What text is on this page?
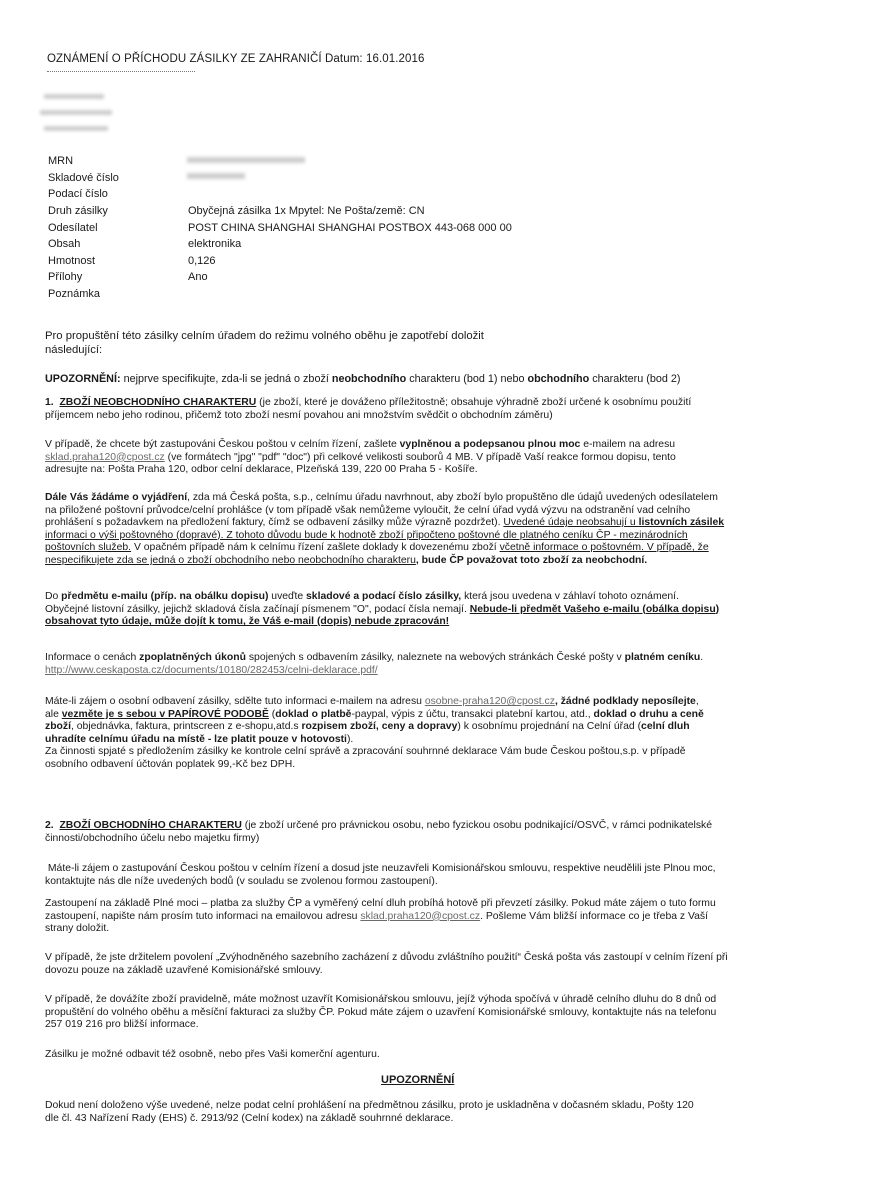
OZNÁMENÍ O PŘÍCHODU ZÁSILKY ZE ZAHRANIČÍ Datum: 16.01.2016
MRN
Skladové číslo
Podací číslo
Druh zásilky
Odesílatel
Obsah
Hmotnost
Přílohy
Poznámka
Obyčejná zásilka 1x Mpytel: Ne Pošta/země: CN
POST CHINA SHANGHAI SHANGHAI POSTBOX 443-068 000 00
elektronika
0,126
Ano

Pro propuštění této zásilky celním úřadem do režimu volného oběhu je zapotřebí doložit
následující:

UPOZORNĚNÍ: nejprve specifikujte, zda-li se jedná o zboží neobchodního charakteru (bod 1) nebo obchodního charakteru (bod 2)

1. ZBOŽÍ NEOBCHODNÍHO CHARAKTERU (je zboží, které je dováženo příležitostně; obsahuje výhradně zboží určené k osobnímu použití
příjemcem nebo jeho rodinou, přičemž toto zboží nesmí povahou ani množstvím svědčit o obchodním záměru)

V případě, že chcete být zastupováni Českou poštou v celním řízení, zašlete vyplněnou a podepsanou plnou moc e-mailem na adresu
sklad.praha120@cpost.cz (ve formátech "jpg" "pdf" "doc") při celkové velikosti souborů 4 MB. V případě Vaší reakce formou dopisu, tento
adresujte na: Pošta Praha 120, odbor celní deklarace, Plzeňská 139, 220 00 Praha 5 - Košíře.

Dále Vás žádáme o vyjádření, zda má Česká pošta, s.p., celnímu úřadu navrhnout, aby zboží bylo propuštěno dle údajů uvedených odesílatelem
na přiložené poštovní průvodce/celní prohlášce (v tom případě však nemůžeme vyloučit, že celní úřad vydá výzvu na odstranění vad celního
prohlášení s požadavkem na předložení faktury, čímž se odbavení zásilky může výrazně pozdržet). Uvedené údaje neobsahují u listovních zásilek
informaci o výši poštovného (dopravé). Z tohoto důvodu bude k hodnotě zboží připočteno poštovné dle platného ceníku ČP - mezinárodních
poštovních služeb. V opačném případě nám k celnímu řízení zašlete doklady k dovezenému zboží včetně informace o poštovném. V případě, že
nespecifikujete zda se jedná o zboží obchodního nebo neobchodního charakteru, bude ČP považovat toto zboží za neobchodní.

Do předmětu e-mailu (příp. na obálku dopisu) uveďte skladové a podací číslo zásilky, která jsou uvedena v záhlaví tohoto oznámení.
Obyčejné listovní zásilky, jejichž skladová čísla začínají písmenem "O", podací čísla nemají. Nebude-li předmět Vašeho e-mailu (obálka dopisu)
obsahovat tyto údaje, může dojít k tomu, že Váš e-mail (dopis) nebude zpracován!

Informace o cenách zpoplatněných úkonů spojených s odbavením zásilky, naleznete na webových stránkách České pošty v platném ceníku.
http://www.ceskaposta.cz/documents/10180/282453/celni-deklarace.pdf/

Máte-li zájem o osobní odbavení zásilky, sdělte tuto informaci e-mailem na adresu osobne-praha120@cpost.cz, žádné podklady neposílejte,
ale vezměte je s sebou v PAPÍROVÉ PODOBĚ (doklad o platbě-paypal, výpis z účtu, transakci platební kartou, atd., doklad o druhu a ceně
zboží, objednávka, faktura, printscreen z e-shopu,atd.s rozpisem zboží, ceny a dopravy) k osobnímu projednání na Celní úřad (celní dluh
uhradíte celnímu úřadu na místě - lze platit pouze v hotovosti).
Za činnosti spjaté s předložením zásilky ke kontrole celní správě a zpracování souhrnné deklarace Vám bude Českou poštou,s.p. v případě
osobního odbavení účtován poplatek 99,-Kč bez DPH.

2. ZBOŽÍ OBCHODNÍHO CHARAKTERU (je zboží určené pro právnickou osobu, nebo fyzickou osobu podnikající/OSVČ, v rámci podnikatelské
činnosti/obchodního účelu nebo majetku firmy)

Máte-li zájem o zastupování Českou poštou v celním řízení a dosud jste neuzavřeli Komisionářskou smlouvu, respektive neudělili jste Plnou moc,
kontaktujte nás dle níže uvedených bodů (v souladu se zvolenou formou zastoupení).

Zastoupení na základě Plné moci – platba za služby ČP a vyměřený celní dluh probíhá hotově při převzetí zásilky. Pokud máte zájem o tuto formu
zastoupení, napište nám prosím tuto informaci na emailovou adresu sklad.praha120@cpost.cz. Pošleme Vám bližší informace co je třeba z Vaší
strany doložit.

V případě, že jste držitelem povolení „Zvýhodněného sazebního zacházení z důvodu zvláštního použití“ Česká pošta vás zastoupí v celním řízení při
dovozu pouze na základě uzavřené Komisionářské smlouvy.

V případě, že dovážíte zboží pravidelně, máte možnost uzavřít Komisionářskou smlouvu, jejíž výhoda spočívá v úhradě celního dluhu do 8 dnů od
propuštění do volného oběhu a měsíční fakturaci za služby ČP. Pokud máte zájem o uzavření Komisionářské smlouvy, kontaktujte nás na telefonu
257 019 216 pro bližší informace.

Zásilku je možné odbavit též osobně, nebo přes Vaši komerční agenturu.

UPOZORNĚNÍ

Dokud není doloženo výše uvedené, nelze podat celní prohlášení na předmětnou zásilku, proto je uskladněna v dočasném skladu, Pošty 120
dle čl. 43 Nařízení Rady (EHS) č. 2913/92 (Celní kodex) na základě souhrnné deklarace.
